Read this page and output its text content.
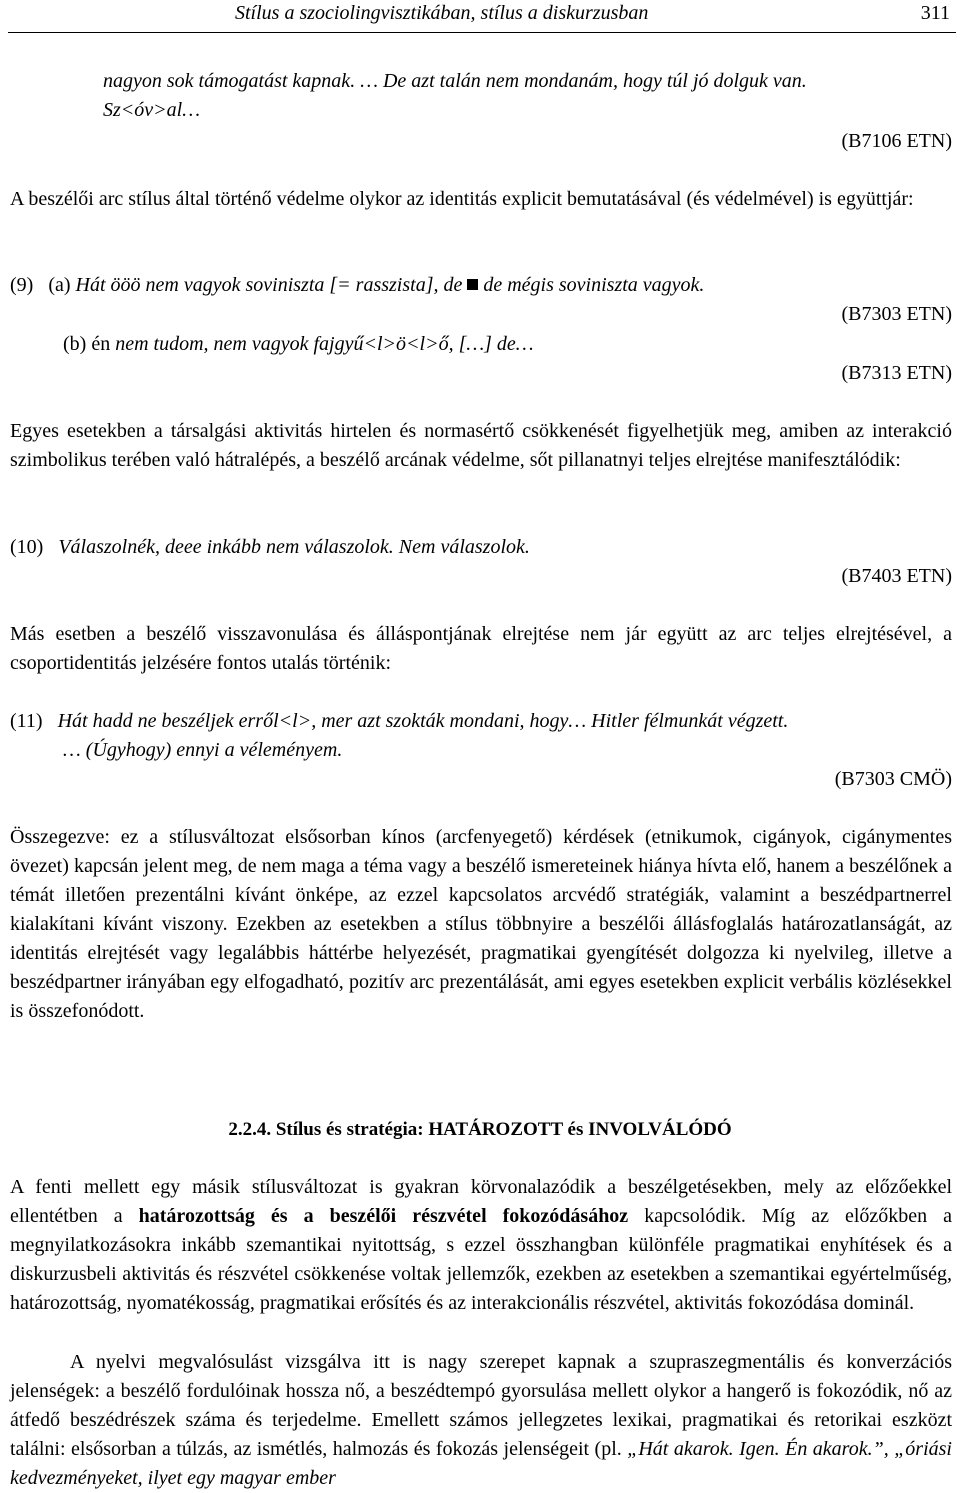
Stílus a szociolingvisztikában, stílus a diskurzusban	311
nagyon sok támogatást kapnak. … De azt talán nem mondanám, hogy túl jó dolguk van.
Sz<óv>al…
(B7106 ETN)
A beszélői arc stílus által történő védelme olykor az identitás explicit bemutatásával (és védelmével) is együttjár:
(9) (a) Hát ööö nem vagyok soviniszta [= rasszista], de de mégis soviniszta vagyok.
(B7303 ETN)
(b) én nem tudom, nem vagyok fajgyű<l>ö<l>ő, […] de…
(B7313 ETN)
Egyes esetekben a társalgási aktivitás hirtelen és normasértő csökkenését figyelhetjük meg, amiben az interakció szimbolikus terében való hátralépés, a beszélő arcának védelme, sőt pillanatnyi teljes elrejtése manifesztálódik:
(10) Válaszolnék, deee inkább nem válaszolok. Nem válaszolok.
(B7403 ETN)
Más esetben a beszélő visszavonulása és álláspontjának elrejtése nem jár együtt az arc teljes elrejtésével, a csoportidentitás jelzésére fontos utalás történik:
(11) Hát hadd ne beszéljek erről<l>, mer azt szokták mondani, hogy… Hitler félmunkát végzett.
… (Úgyhogy) ennyi a véleményem.
(B7303 CMÖ)
Összegezve: ez a stílusváltozat elsősorban kínos (arcfenyegető) kérdések (etnikumok, cigányok, cigánymentes övezet) kapcsán jelent meg, de nem maga a téma vagy a beszélő ismereteinek hiánya hívta elő, hanem a beszélőnek a témát illetően prezentálni kívánt önképe, az ezzel kapcsolatos arcvédő stratégiák, valamint a beszédpartnerrel kialakítani kívánt viszony. Ezekben az esetekben a stílus többnyire a beszélői állásfoglalás határozatlanságát, az identitás elrejtését vagy legalábbis háttérbe helyezését, pragmatikai gyengítését dolgozza ki nyelvileg, illetve a beszédpartner irányában egy elfogadható, pozitív arc prezentálását, ami egyes esetekben explicit verbális közlésekkel is összefonódott.
2.2.4. Stílus és stratégia: HATÁROZOTT és INVOLVÁLÓDÓ
A fenti mellett egy másik stílusváltozat is gyakran körvonalazódik a beszélgetésekben, mely az előzőekkel ellentétben a határozottság és a beszélői részvétel fokozódásához kapcsolódik. Míg az előzőkben a megnyilatkozásokra inkább szemantikai nyitottság, s ezzel összhangban különféle pragmatikai enyhítések és a diskurzusbeli aktivitás és részvétel csökkenése voltak jellemzők, ezekben az esetekben a szemantikai egyértelműség, határozottság, nyomatékosság, pragmatikai erősítés és az interakcionális részvétel, aktivitás fokozódása dominál.
A nyelvi megvalósulást vizsgálva itt is nagy szerepet kapnak a szupraszegmentális és konverzációs jelenségek: a beszélő fordulóinak hossza nő, a beszédtempó gyorsulása mellett olykor a hangerő is fokozódik, nő az átfedő beszédrészek száma és terjedelme. Emellett számos jellegzetes lexikai, pragmatikai és retorikai eszközt találni: elsősorban a túlzás, az ismétlés, halmozás és fokozás jelenségeit (pl. „Hát akarok. Igen. Én akarok.”, „óriási kedvezményeket, ilyet egy magyar ember
